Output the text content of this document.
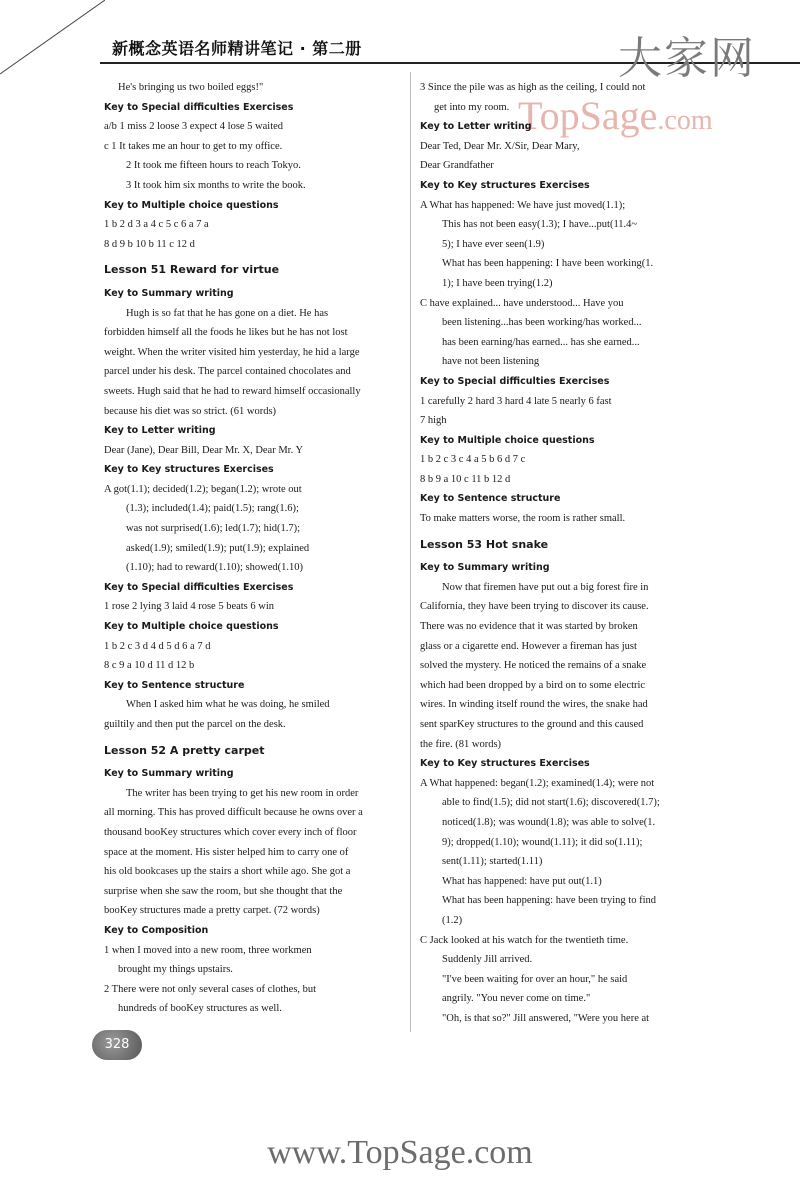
新概念英语名师精讲笔记 · 第二册	大家网
TopSage.com

He's bringing us two boiled eggs!"

Key to Special difficulties Exercises

a/b 1 miss 2 loose 3 expect 4 lose 5 waited

c 1 It takes me an hour to get to my office.

2 It took me fifteen hours to reach Tokyo.

3 It took him six months to write the book.

Key to Multiple choice questions

1 b 2 d 3 a 4 c 5 c 6 a 7 a

8 d 9 b 10 b 11 c 12 d

Lesson 51 Reward for virtue

Key to Summary writing

Hugh is so fat that he has gone on a diet. He has

forbidden himself all the foods he likes but he has not lost

weight. When the writer visited him yesterday, he hid a large

parcel under his desk. The parcel contained chocolates and

sweets. Hugh said that he had to reward himself occasionally

because his diet was so strict. (61 words)

Key to Letter writing

Dear (Jane), Dear Bill, Dear Mr. X, Dear Mr. Y

Key to Key structures Exercises

A got(1.1); decided(1.2); began(1.2); wrote out

(1.3); included(1.4); paid(1.5); rang(1.6);

was not surprised(1.6); led(1.7); hid(1.7);

asked(1.9); smiled(1.9); put(1.9); explained

(1.10); had to reward(1.10); showed(1.10)

Key to Special difficulties Exercises

1 rose 2 lying 3 laid 4 rose 5 beats 6 win

Key to Multiple choice questions

1 b 2 c 3 d 4 d 5 d 6 a 7 d

8 c 9 a 10 d 11 d 12 b

Key to Sentence structure

When I asked him what he was doing, he smiled

guiltily and then put the parcel on the desk.

Lesson 52 A pretty carpet

Key to Summary writing

The writer has been trying to get his new room in order

all morning. This has proved difficult because he owns over a

thousand booKey structures which cover every inch of floor

space at the moment. His sister helped him to carry one of

his old bookcases up the stairs a short while ago. She got a

surprise when she saw the room, but she thought that the

booKey structures made a pretty carpet. (72 words)

Key to Composition

1 when I moved into a new room, three workmen

brought my things upstairs.

2 There were not only several cases of clothes, but

hundreds of booKey structures as well.

3 Since the pile was as high as the ceiling, I could not

get into my room.

Key to Letter writing

Dear Ted, Dear Mr. X/Sir, Dear Mary,

Dear Grandfather

Key to Key structures Exercises

A What has happened: We have just moved(1.1);

This has not been easy(1.3); I have...put(11.4~

5); I have ever seen(1.9)

What has been happening: I have been working(1.

1); I have been trying(1.2)

C have explained... have understood... Have you

been listening...has been working/has worked...

has been earning/has earned... has she earned...

have not been listening

Key to Special difficulties Exercises

1 carefully 2 hard 3 hard 4 late 5 nearly 6 fast

7 high

Key to Multiple choice questions

1 b 2 c 3 c 4 a 5 b 6 d 7 c

8 b 9 a 10 c 11 b 12 d

Key to Sentence structure

To make matters worse, the room is rather small.

Lesson 53 Hot snake

Key to Summary writing

Now that firemen have put out a big forest fire in

California, they have been trying to discover its cause.

There was no evidence that it was started by broken

glass or a cigarette end. However a fireman has just

solved the mystery. He noticed the remains of a snake

which had been dropped by a bird on to some electric

wires. In winding itself round the wires, the snake had

sent sparKey structures to the ground and this caused

the fire. (81 words)

Key to Key structures Exercises

A What happened: began(1.2); examined(1.4); were not

able to find(1.5); did not start(1.6); discovered(1.7);

noticed(1.8); was wound(1.8); was able to solve(1.

9); dropped(1.10); wound(1.11); it did so(1.11);

sent(1.11); started(1.11)

What has happened: have put out(1.1)

What has been happening: have been trying to find

(1.2)

C Jack looked at his watch for the twentieth time.

Suddenly Jill arrived.

"I've been waiting for over an hour," he said

angrily. "You never come on time."

"Oh, is that so?" Jill answered, "Were you here at

328
www.TopSage.com
